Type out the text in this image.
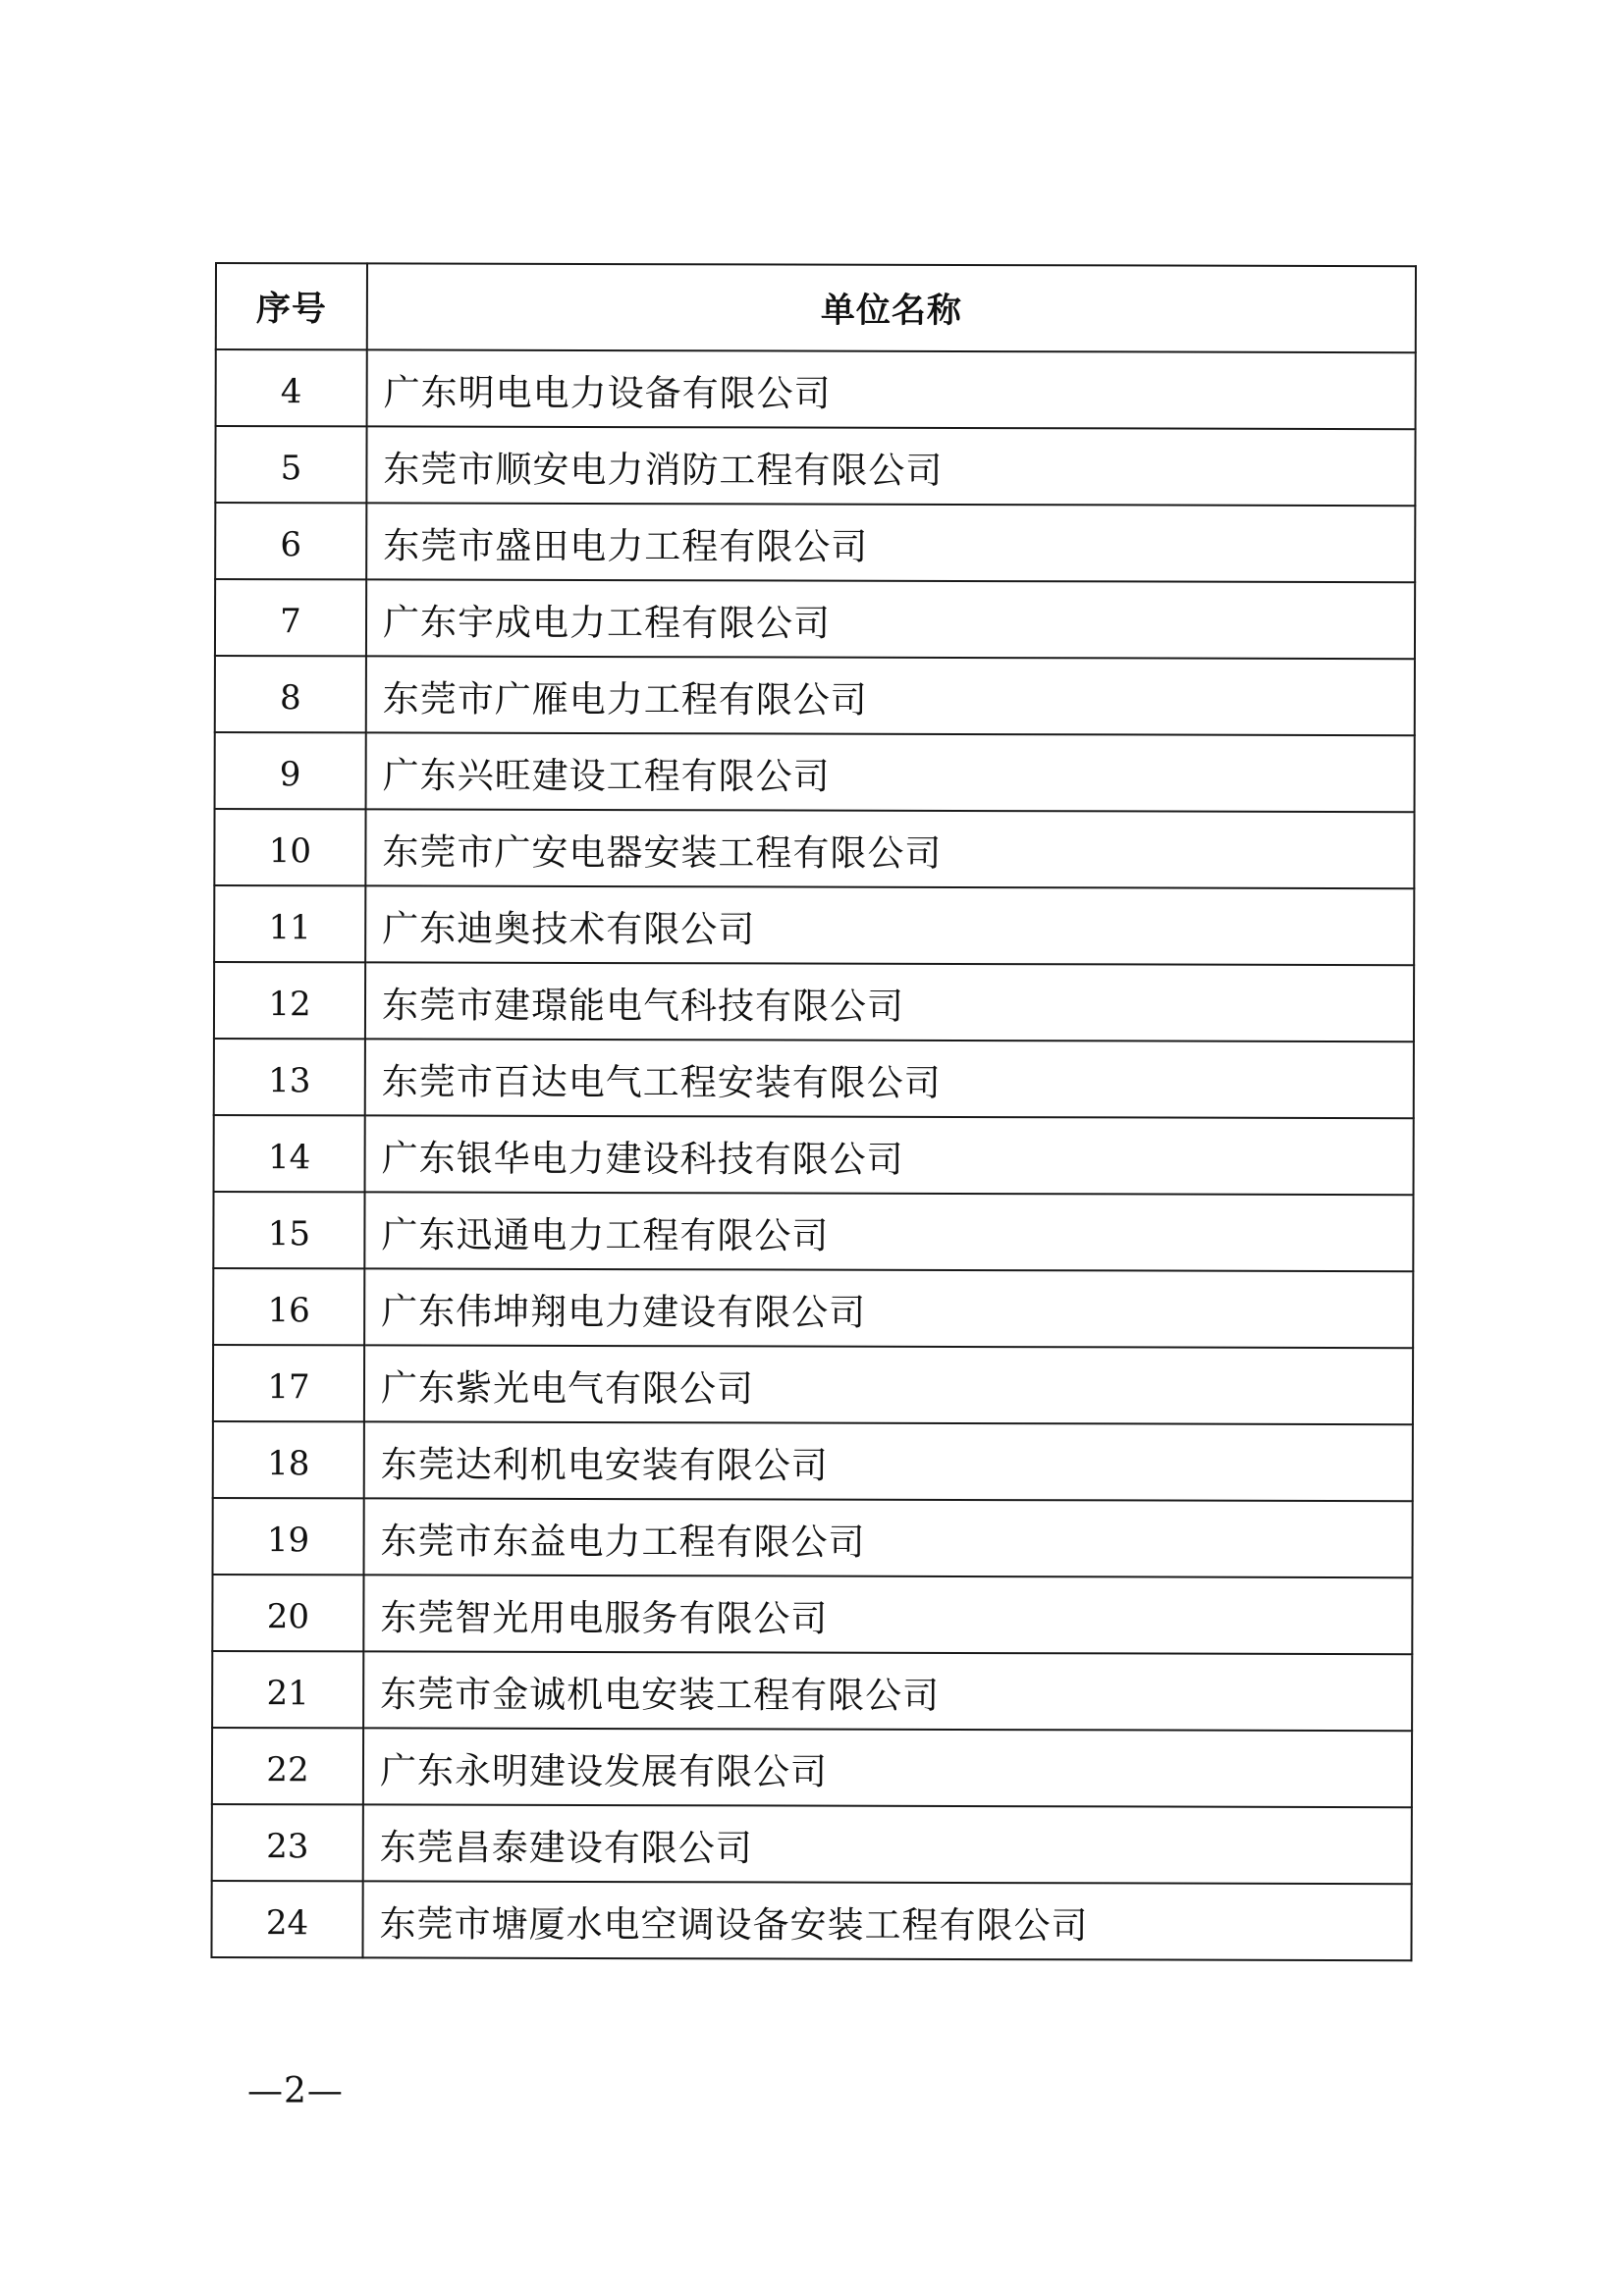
序号	单位名称
4	广东明电电力设备有限公司
5	东莞市顺安电力消防工程有限公司
6	东莞市盛田电力工程有限公司
7	广东宇成电力工程有限公司
8	东莞市广雁电力工程有限公司
9	广东兴旺建设工程有限公司
10	东莞市广安电器安装工程有限公司
11	广东迪奥技术有限公司
12	东莞市建璟能电气科技有限公司
13	东莞市百达电气工程安装有限公司
14	广东银华电力建设科技有限公司
15	广东迅通电力工程有限公司
16	广东伟坤翔电力建设有限公司
17	广东紫光电气有限公司
18	东莞达利机电安装有限公司
19	东莞市东益电力工程有限公司
20	东莞智光用电服务有限公司
21	东莞市金诚机电安装工程有限公司
22	广东永明建设发展有限公司
23	东莞昌泰建设有限公司
24	东莞市塘厦水电空调设备安装工程有限公司
—2—
